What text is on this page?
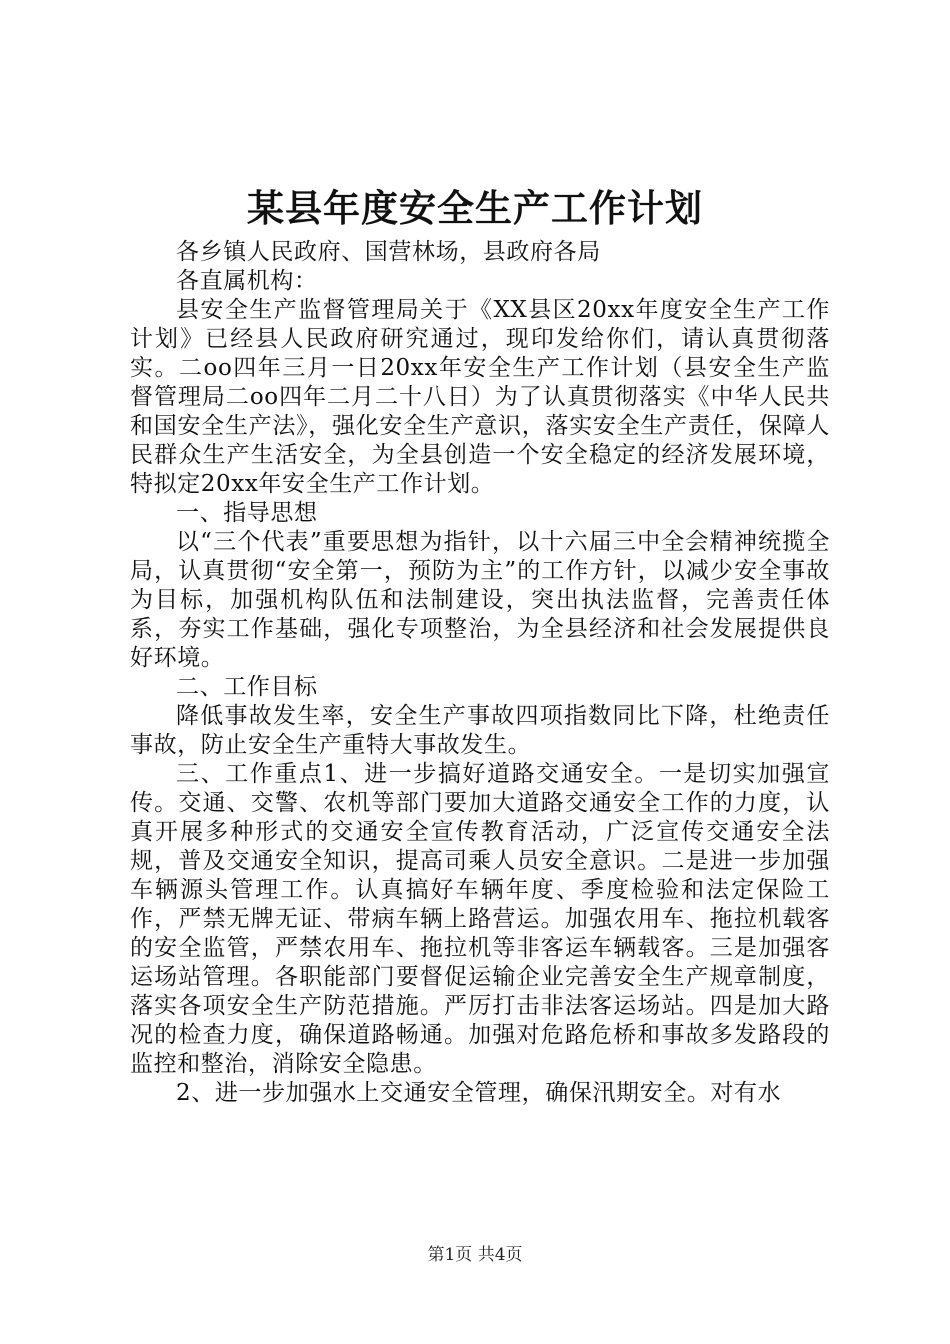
某县年度安全生产工作计划

各乡镇人民政府、国营林场，县政府各局

各直属机构：

县安全生产监督管理局关于《XX县区20xx年度安全生产工作计划》已经县人民政府研究通过，现印发给你们，请认真贯彻落实。二oo四年三月一日20xx年安全生产工作计划（县安全生产监督管理局二oo四年二月二十八日）为了认真贯彻落实《中华人民共和国安全生产法》，强化安全生产意识，落实安全生产责任，保障人民群众生产生活安全，为全县创造一个安全稳定的经济发展环境，特拟定20xx年安全生产工作计划。

一、指导思想

以“三个代表”重要思想为指针，以十六届三中全会精神统揽全局，认真贯彻“安全第一，预防为主”的工作方针，以减少安全事故为目标，加强机构队伍和法制建设，突出执法监督，完善责任体系，夯实工作基础，强化专项整治，为全县经济和社会发展提供良好环境。

二、工作目标

降低事故发生率，安全生产事故四项指数同比下降，杜绝责任事故，防止安全生产重特大事故发生。

三、工作重点1、进一步搞好道路交通安全。一是切实加强宣传。交通、交警、农机等部门要加大道路交通安全工作的力度，认真开展多种形式的交通安全宣传教育活动，广泛宣传交通安全法规，普及交通安全知识，提高司乘人员安全意识。二是进一步加强车辆源头管理工作。认真搞好车辆年度、季度检验和法定保险工作，严禁无牌无证、带病车辆上路营运。加强农用车、拖拉机载客的安全监管，严禁农用车、拖拉机等非客运车辆载客。三是加强客运场站管理。各职能部门要督促运输企业完善安全生产规章制度，落实各项安全生产防范措施。严厉打击非法客运场站。四是加大路况的检查力度，确保道路畅通。加强对危路危桥和事故多发路段的监控和整治，消除安全隐患。

2、进一步加强水上交通安全管理，确保汛期安全。对有水

第1页 共4页
